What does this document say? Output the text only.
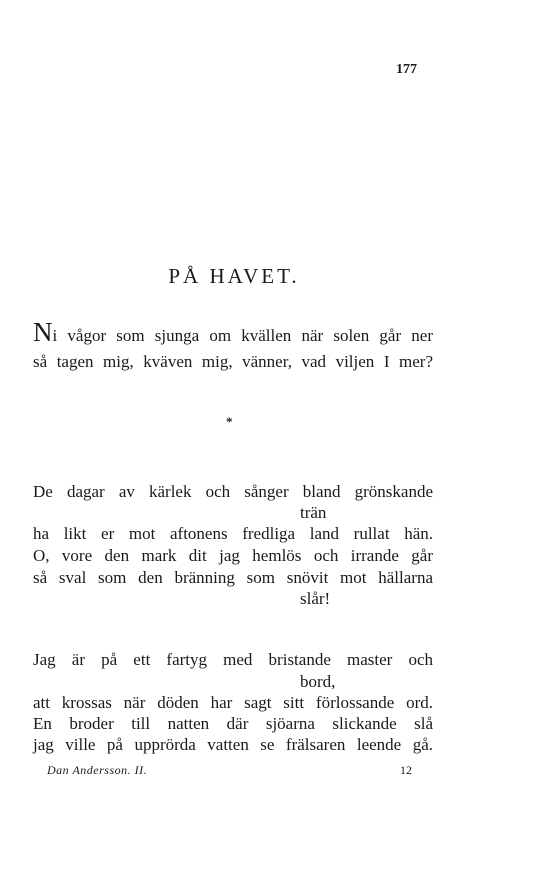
177
PÅ HAVET.
Ni vågor som sjunga om kvällen när solen går ner
så tagen mig, kväven mig, vänner, vad viljen I mer?
*
De dagar av kärlek och sånger bland grönskande
trän
ha likt er mot aftonens fredliga land rullat hän.
O, vore den mark dit jag hemlös och irrande går
så sval som den bränning som snövit mot hällarna
slår!
Jag är på ett fartyg med bristande master och
bord,
att krossas när döden har sagt sitt förlossande ord.
En broder till natten där sjöarna slickande slå
jag ville på upprörda vatten se frälsaren leende gå.
Dan Andersson. II.	12
